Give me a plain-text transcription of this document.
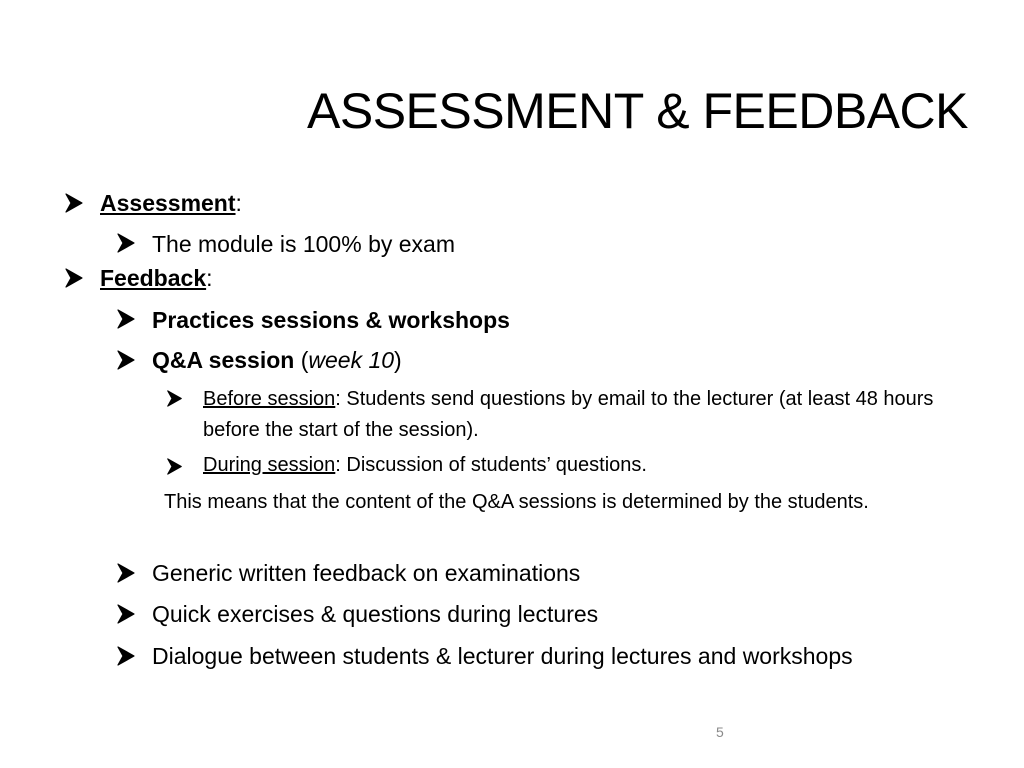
ASSESSMENT & FEEDBACK
Assessment:
The module is 100% by exam
Feedback:
Practices sessions & workshops
Q&A session (week 10)
Before session: Students send questions by email to the lecturer (at least 48 hours before the start of the session).
During session: Discussion of students’ questions.
This means that the content of the Q&A sessions is determined by the students.
Generic written feedback on examinations
Quick exercises & questions during lectures
Dialogue between students & lecturer during lectures and workshops
5
